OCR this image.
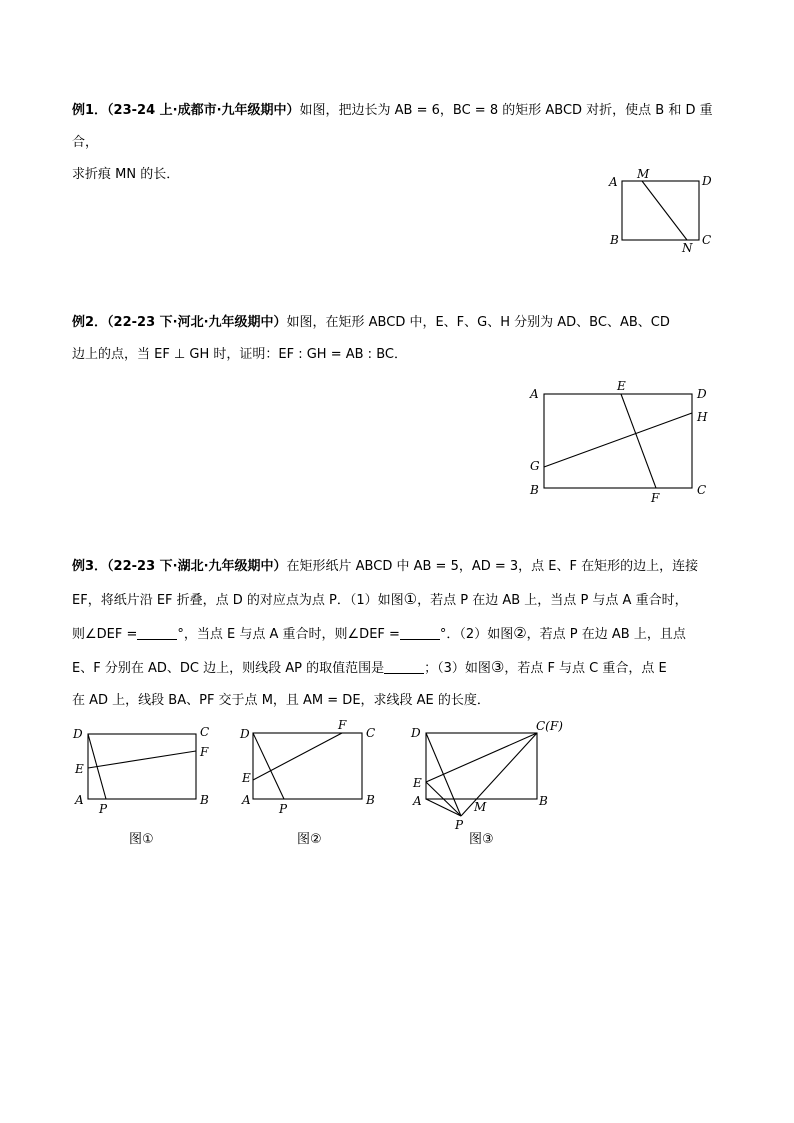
例1．（23-24 上·成都市·九年级期中）如图，把边长为 AB = 6，BC = 8 的矩形 ABCD 对折，使点 B 和 D 重合，

求折痕 MN 的长．	A
M	D
B
N
C

例2．（22-23 下·河北·九年级期中）如图，在矩形 ABCD 中，E、F、G、H 分别为 AD、BC、AB、CD

边上的点，当 EF ⊥ GH 时，证明：EF : GH = AB : BC．

A
E
D
H
G
B
F
C

例3．（22-23 下·湖北·九年级期中）在矩形纸片 ABCD 中 AB = 5，AD = 3，点 E、F 在矩形的边上，连接

EF，将纸片沿 EF 折叠，点 D 的对应点为点 P．（1）如图①，若点 P 在边 AB 上，当点 P 与点 A 重合时，

则∠DEF =	°，当点 E 与点 A 重合时，则∠DEF =	°．（2）如图②，若点 P 在边 AB 上，且点

E、F 分别在 AD、DC 边上，则线段 AP 的取值范围是	；（3）如图③，若点 F 与点 C 重合，点 E

在 AD 上，线段 BA、PF 交于点 M，且 AM = DE，求线段 AE 的长度．

D	C
F
E
A
P
B
图①
D
F
C
E
A
P
B
图②
D	C(F)
E
A	M	B
P
图③
